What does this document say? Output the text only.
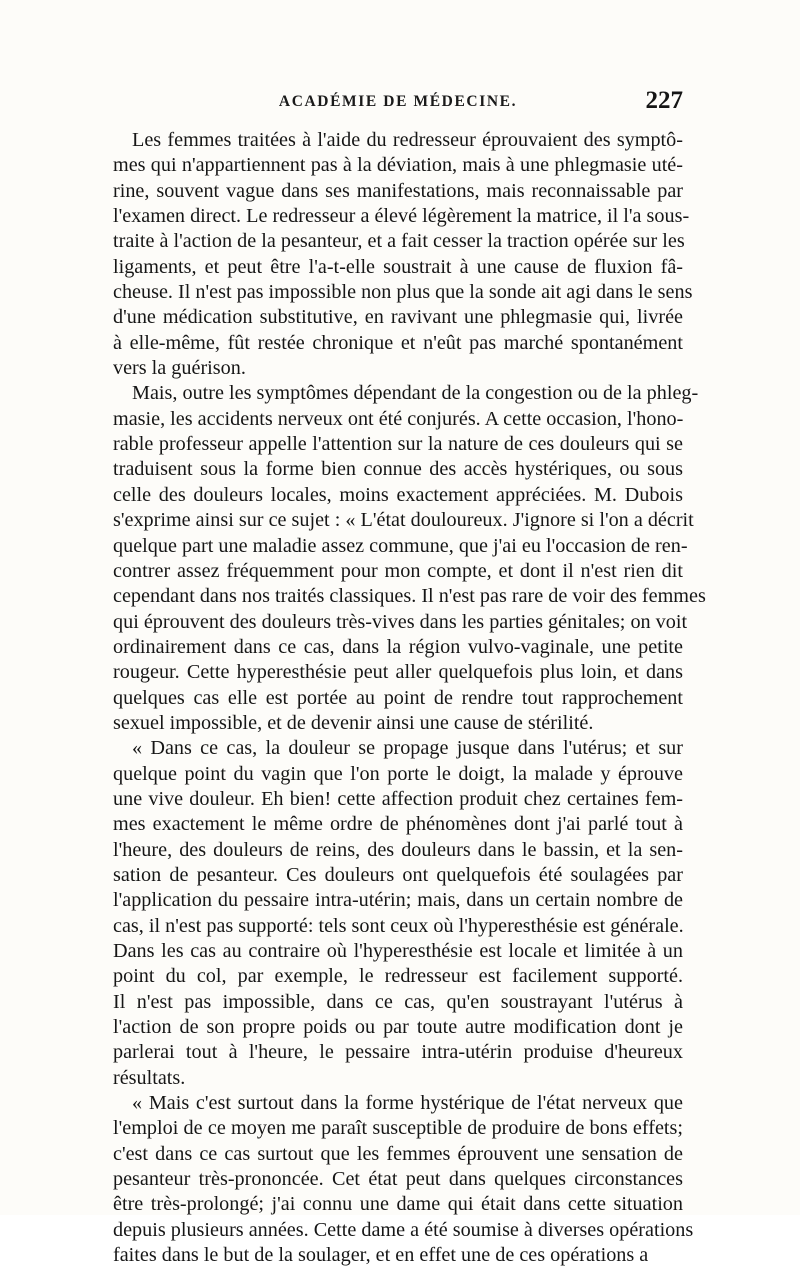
ACADÉMIE DE MÉDECINE.	227
Les femmes traitées à l'aide du redresseur éprouvaient des symptô-
mes qui n'appartiennent pas à la déviation, mais à une phlegmasie uté-
rine, souvent vague dans ses manifestations, mais reconnaissable par
l'examen direct. Le redresseur a élevé légèrement la matrice, il l'a sous-
traite à l'action de la pesanteur, et a fait cesser la traction opérée sur les
ligaments, et peut être l'a-t-elle soustrait à une cause de fluxion fâ-
cheuse. Il n'est pas impossible non plus que la sonde ait agi dans le sens
d'une médication substitutive, en ravivant une phlegmasie qui, livrée
à elle-même, fût restée chronique et n'eût pas marché spontanément
vers la guérison.
Mais, outre les symptômes dépendant de la congestion ou de la phleg-
masie, les accidents nerveux ont été conjurés. A cette occasion, l'hono-
rable professeur appelle l'attention sur la nature de ces douleurs qui se
traduisent sous la forme bien connue des accès hystériques, ou sous
celle des douleurs locales, moins exactement appréciées. M. Dubois
s'exprime ainsi sur ce sujet : « L'état douloureux. J'ignore si l'on a décrit
quelque part une maladie assez commune, que j'ai eu l'occasion de ren-
contrer assez fréquemment pour mon compte, et dont il n'est rien dit
cependant dans nos traités classiques. Il n'est pas rare de voir des femmes
qui éprouvent des douleurs très-vives dans les parties génitales; on voit
ordinairement dans ce cas, dans la région vulvo-vaginale, une petite
rougeur. Cette hyperesthésie peut aller quelquefois plus loin, et dans
quelques cas elle est portée au point de rendre tout rapprochement
sexuel impossible, et de devenir ainsi une cause de stérilité.
« Dans ce cas, la douleur se propage jusque dans l'utérus; et sur
quelque point du vagin que l'on porte le doigt, la malade y éprouve
une vive douleur. Eh bien! cette affection produit chez certaines fem-
mes exactement le même ordre de phénomènes dont j'ai parlé tout à
l'heure, des douleurs de reins, des douleurs dans le bassin, et la sen-
sation de pesanteur. Ces douleurs ont quelquefois été soulagées par
l'application du pessaire intra-utérin; mais, dans un certain nombre de
cas, il n'est pas supporté: tels sont ceux où l'hyperesthésie est générale.
Dans les cas au contraire où l'hyperesthésie est locale et limitée à un
point du col, par exemple, le redresseur est facilement supporté.
Il n'est pas impossible, dans ce cas, qu'en soustrayant l'utérus à
l'action de son propre poids ou par toute autre modification dont je
parlerai tout à l'heure, le pessaire intra-utérin produise d'heureux
résultats.
« Mais c'est surtout dans la forme hystérique de l'état nerveux que
l'emploi de ce moyen me paraît susceptible de produire de bons effets;
c'est dans ce cas surtout que les femmes éprouvent une sensation de
pesanteur très-prononcée. Cet état peut dans quelques circonstances
être très-prolongé; j'ai connu une dame qui était dans cette situation
depuis plusieurs années. Cette dame a été soumise à diverses opérations
faites dans le but de la soulager, et en effet une de ces opérations a
